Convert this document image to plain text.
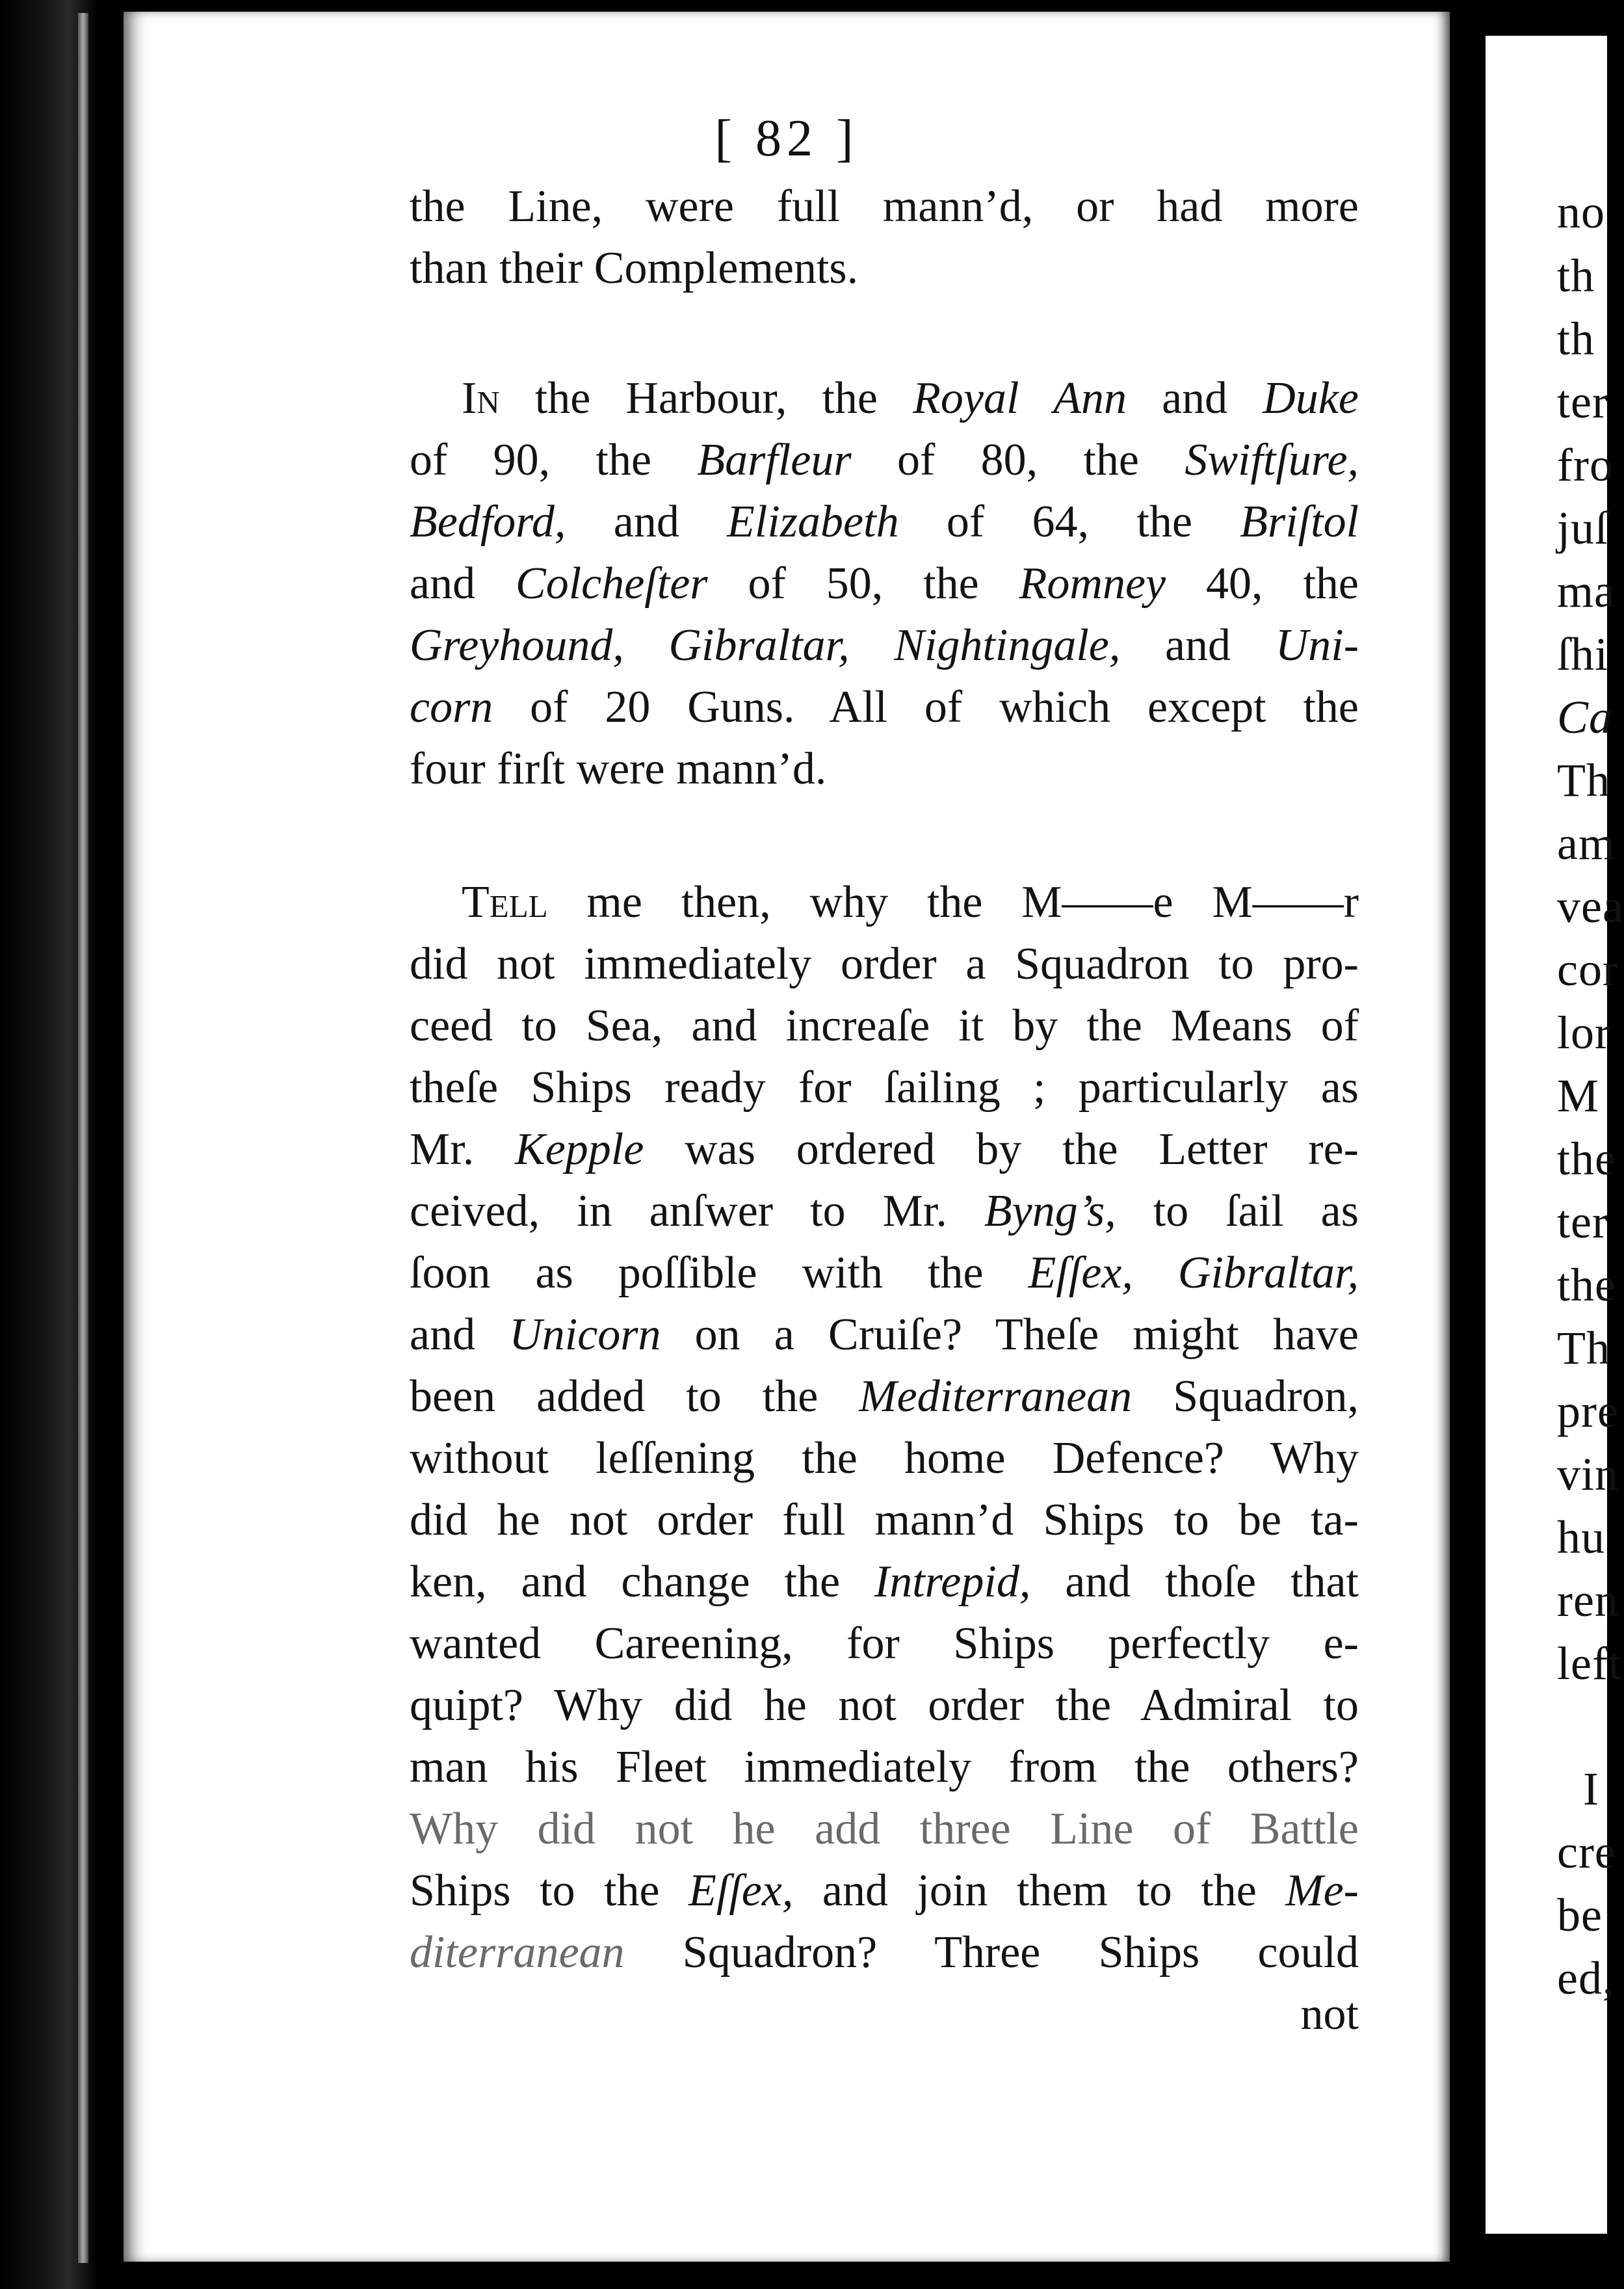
[ 82 ]
the Line, were full mann’d, or had more
than their Complements.
In the Harbour, the Royal Ann and Duke
of 90, the Barfleur of 80, the Swiftſure,
Bedford, and Elizabeth of 64, the Briſtol
and Colcheſter of 50, the Romney 40, the
Greyhound, Gibraltar, Nightingale, and Uni-
corn of 20 Guns. All of which except the
four firſt were mann’d.
Tell me then, why the M——e M——r
did not immediately order a Squadron to pro-
ceed to Sea, and increaſe it by the Means of
theſe Ships ready for ſailing ; particularly as
Mr. Kepple was ordered by the Letter re-
ceived, in anſwer to Mr. Byng’s, to ſail as
ſoon as poſſible with the Eſſex, Gibraltar,
and Unicorn on a Cruiſe? Theſe might have
been added to the Mediterranean Squadron,
without leſſening the home Defence? Why
did he not order full mann’d Ships to be ta-
ken, and change the Intrepid, and thoſe that
wanted Careening, for Ships perfectly e-
quipt? Why did he not order the Admiral to
man his Fleet immediately from the others?
Why did not he add three Line of Battle
Ships to the Eſſex, and join them to the Me-
diterranean Squadron? Three Ships could
not
no
th
th
ter
fro
juſ
ma
ſhi
Ca
Th
am
vea
cor
lor
M
the
ter
the
Th
pre
vin
hu
ren
left
I
cre
be
ed,
